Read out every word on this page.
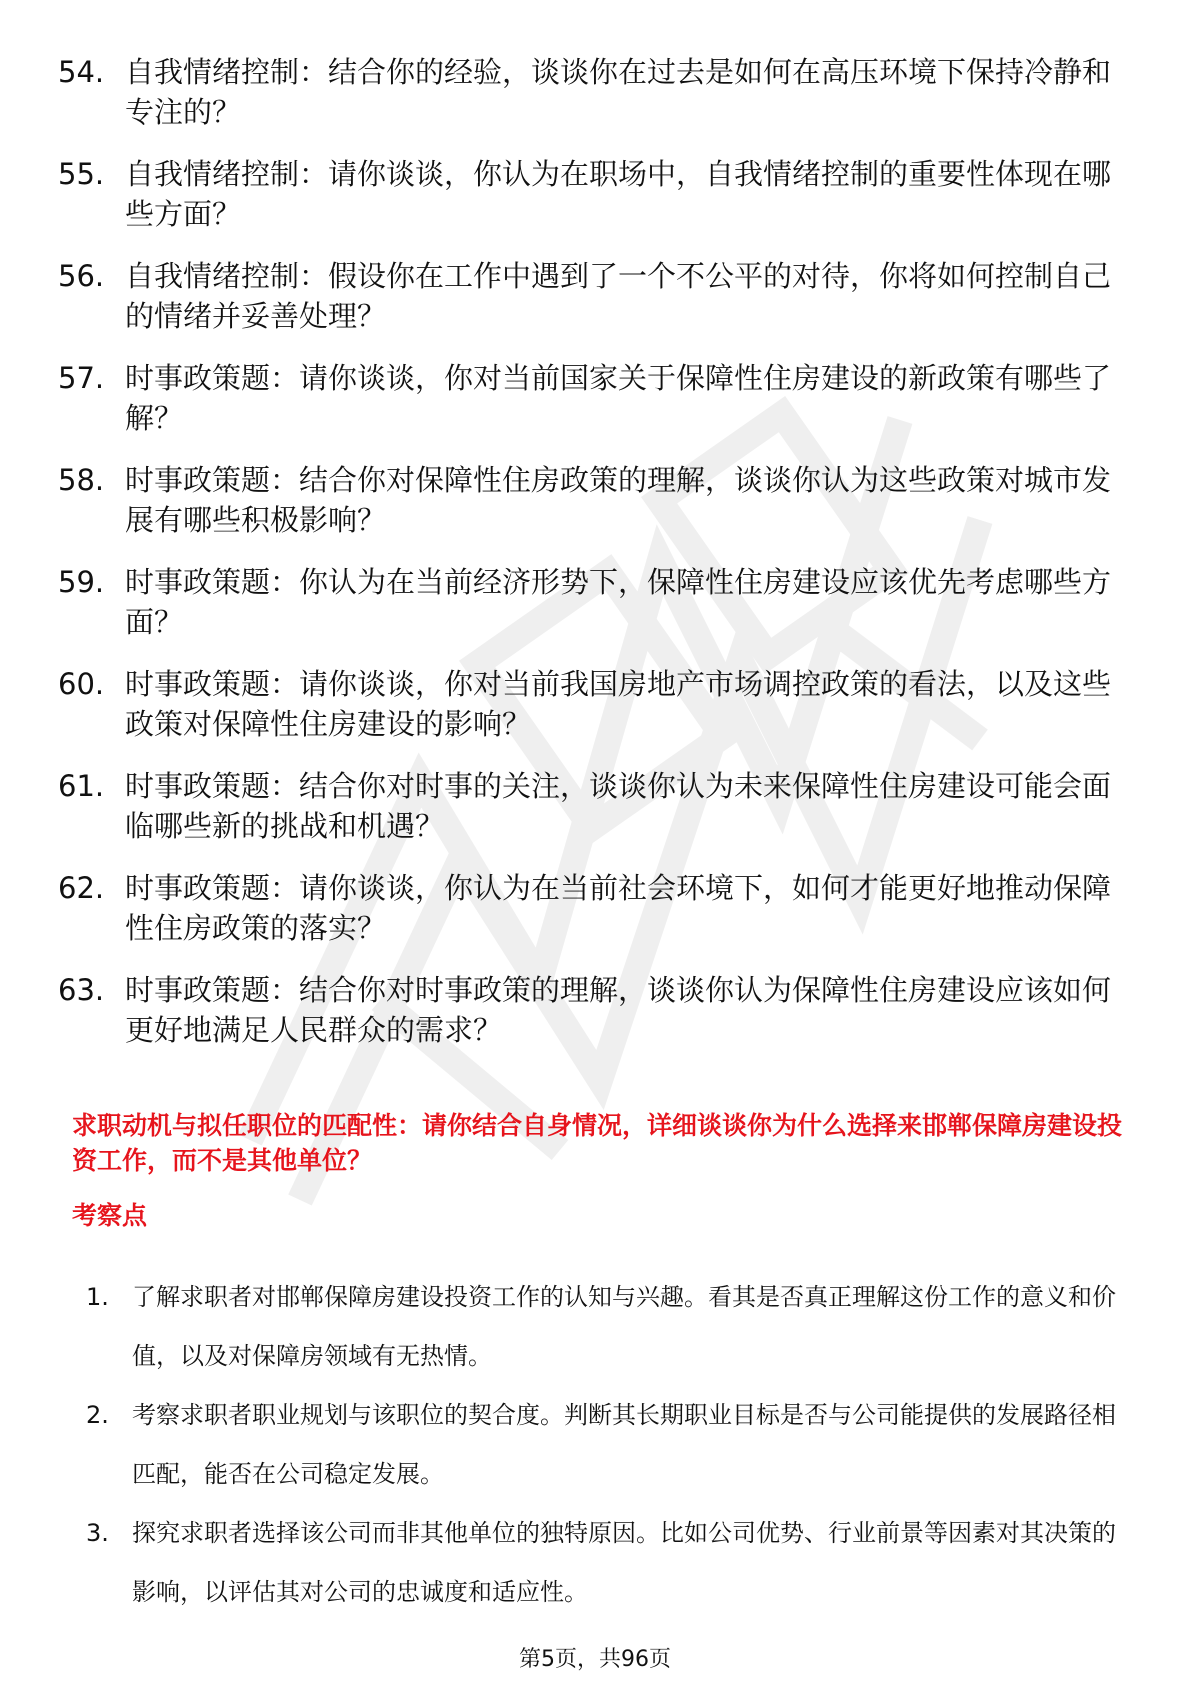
54. 自我情绪控制：结合你的经验，谈谈你在过去是如何在高压环境下保持冷静和专注的？
55. 自我情绪控制：请你谈谈，你认为在职场中，自我情绪控制的重要性体现在哪些方面？
56. 自我情绪控制：假设你在工作中遇到了一个不公平的对待，你将如何控制自己的情绪并妥善处理？
57. 时事政策题：请你谈谈，你对当前国家关于保障性住房建设的新政策有哪些了解？
58. 时事政策题：结合你对保障性住房政策的理解，谈谈你认为这些政策对城市发展有哪些积极影响？
59. 时事政策题：你认为在当前经济形势下，保障性住房建设应该优先考虑哪些方面？
60. 时事政策题：请你谈谈，你对当前我国房地产市场调控政策的看法，以及这些政策对保障性住房建设的影响？
61. 时事政策题：结合你对时事的关注，谈谈你认为未来保障性住房建设可能会面临哪些新的挑战和机遇？
62. 时事政策题：请你谈谈，你认为在当前社会环境下，如何才能更好地推动保障性住房政策的落实？
63. 时事政策题：结合你对时事政策的理解，谈谈你认为保障性住房建设应该如何更好地满足人民群众的需求？
求职动机与拟任职位的匹配性：请你结合自身情况，详细谈谈你为什么选择来邯郸保障房建设投资工作，而不是其他单位？
考察点
1. 了解求职者对邯郸保障房建设投资工作的认知与兴趣。看其是否真正理解这份工作的意义和价值，以及对保障房领域有无热情。
2. 考察求职者职业规划与该职位的契合度。判断其长期职业目标是否与公司能提供的发展路径相匹配，能否在公司稳定发展。
3. 探究求职者选择该公司而非其他单位的独特原因。比如公司优势、行业前景等因素对其决策的影响，以评估其对公司的忠诚度和适应性。
第5页，共96页
